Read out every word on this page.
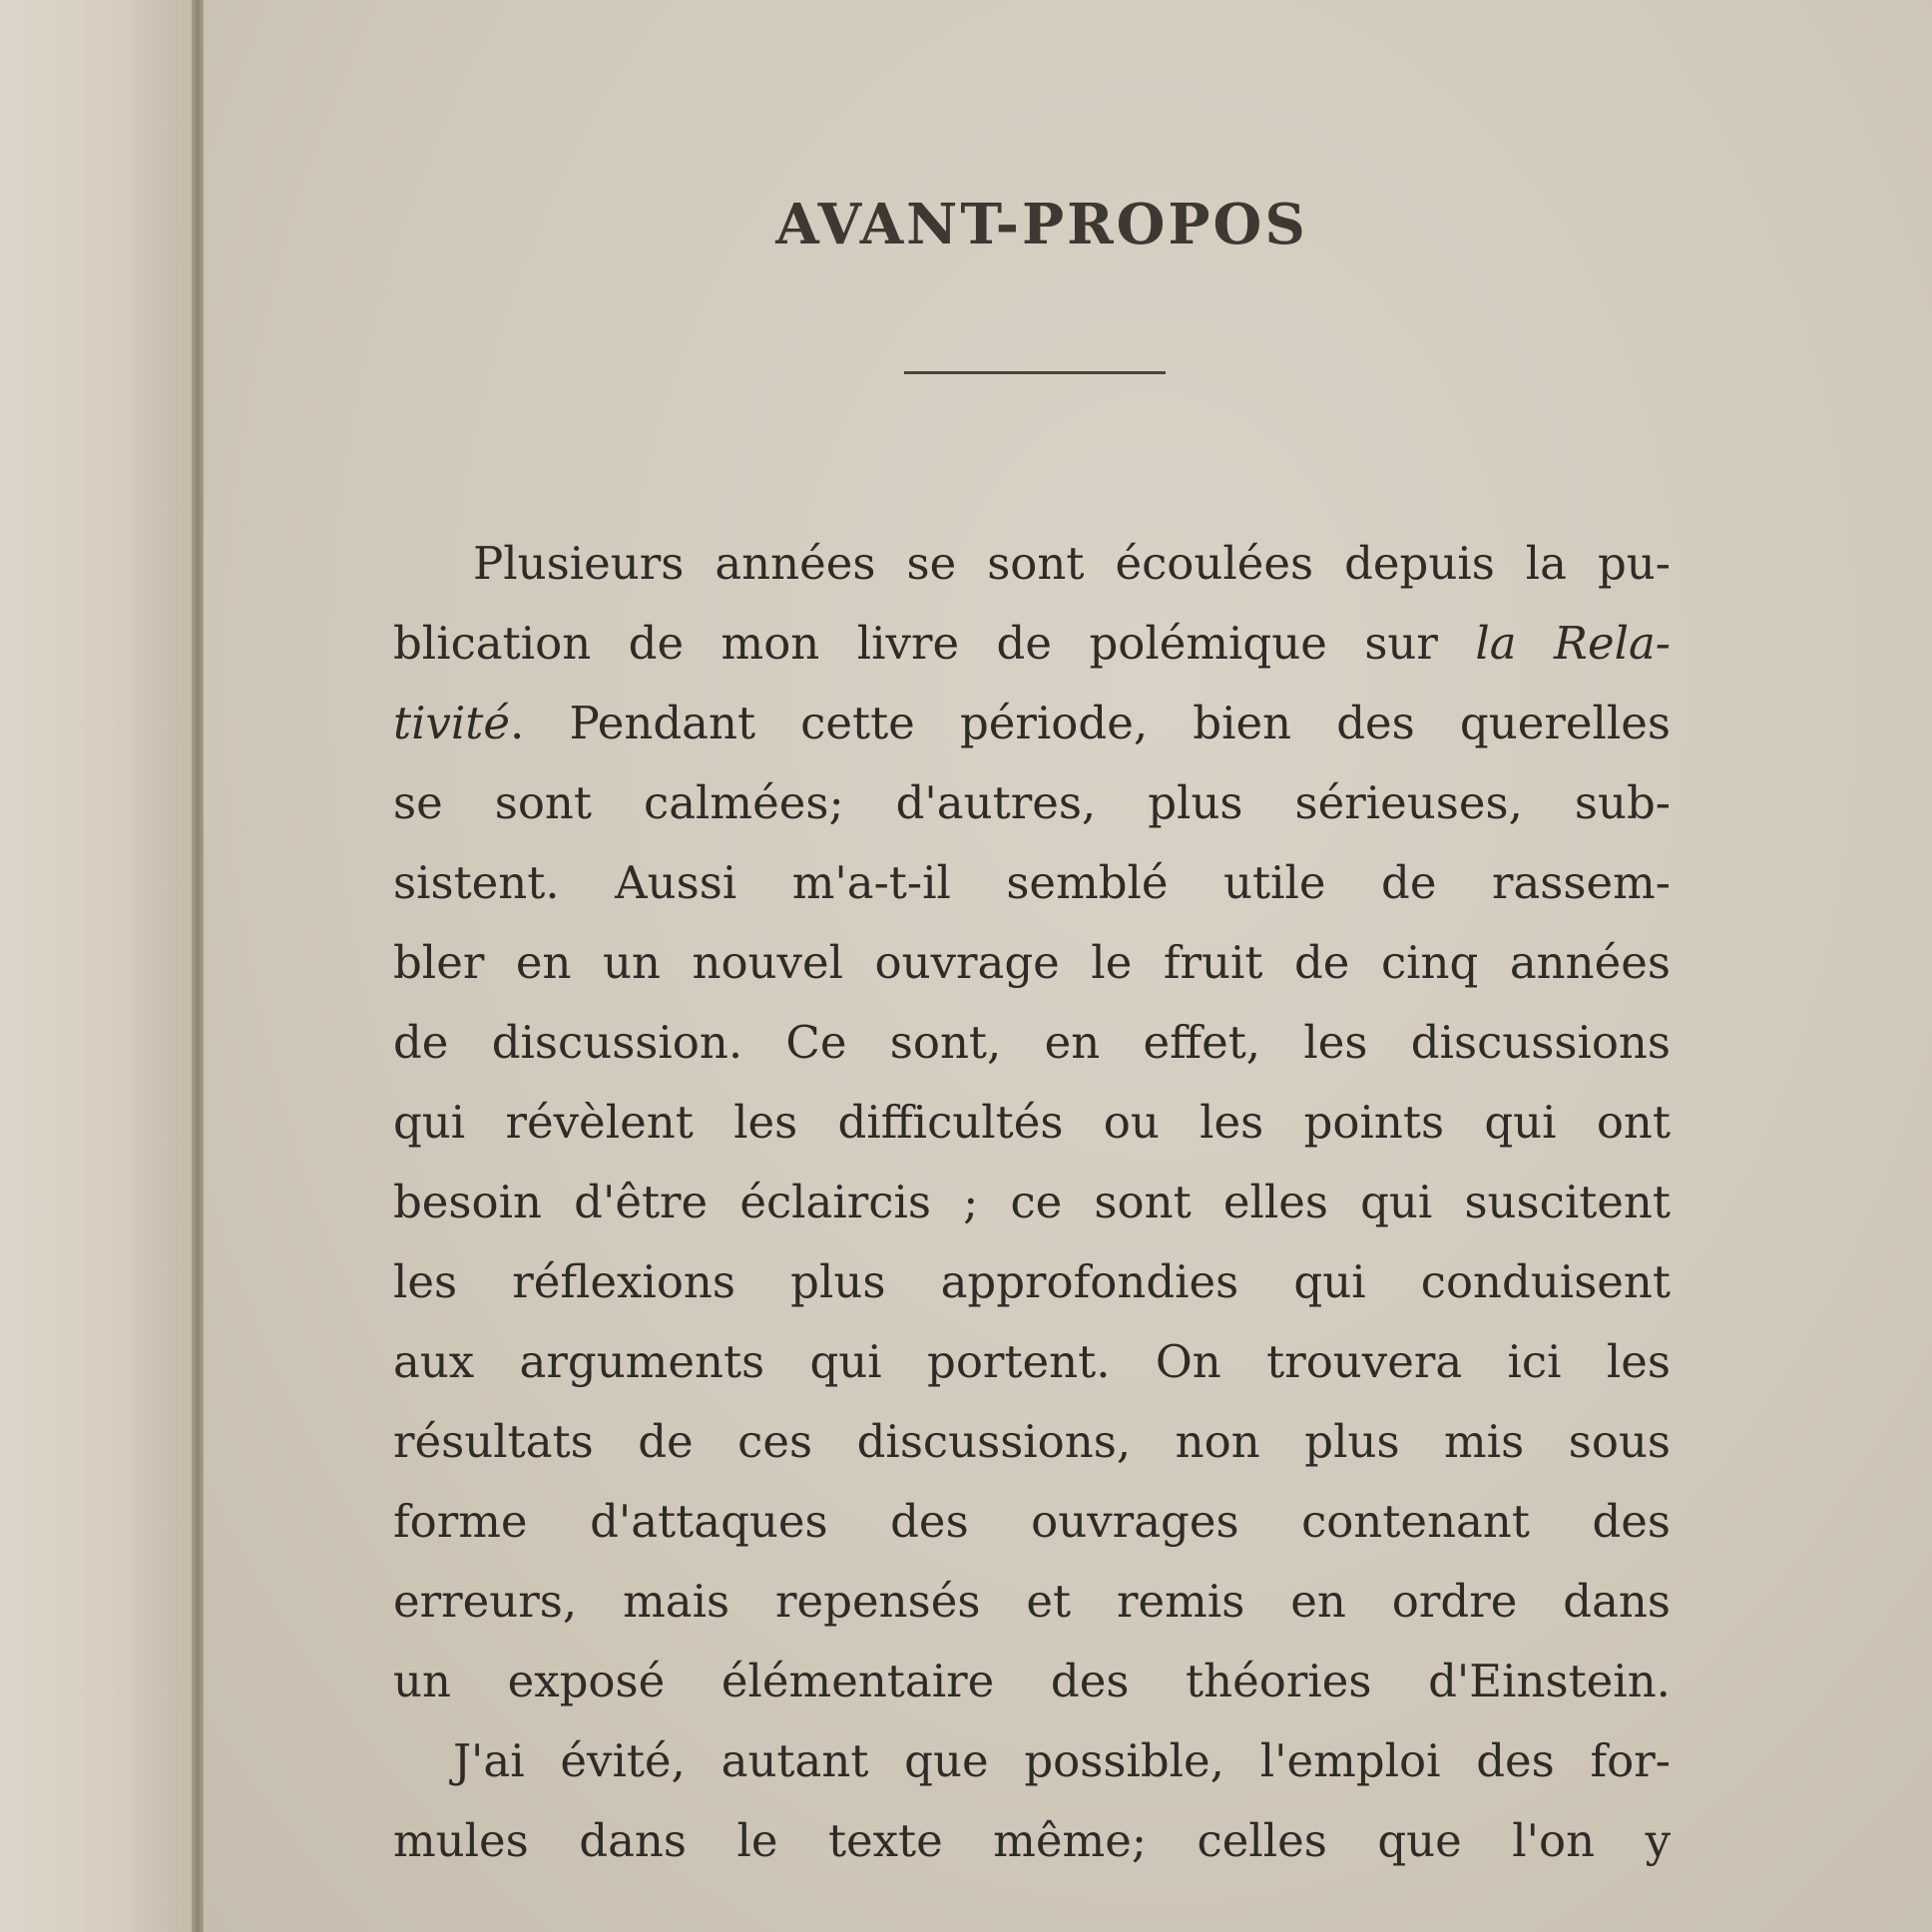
AVANT-PROPOS
Plusieurs années se sont écoulées depuis la pu-
blication de mon livre de polémique sur la Rela-
tivité. Pendant cette période, bien des querelles
se sont calmées; d'autres, plus sérieuses, sub-
sistent. Aussi m'a-t-il semblé utile de rassem-
bler en un nouvel ouvrage le fruit de cinq années
de discussion. Ce sont, en effet, les discussions
qui révèlent les difficultés ou les points qui ont
besoin d'être éclaircis ; ce sont elles qui suscitent
les réflexions plus approfondies qui conduisent
aux arguments qui portent. On trouvera ici les
résultats de ces discussions, non plus mis sous
forme d'attaques des ouvrages contenant des
erreurs, mais repensés et remis en ordre dans
un exposé élémentaire des théories d'Einstein.
J'ai évité, autant que possible, l'emploi des for-
mules dans le texte même; celles que l'on y
